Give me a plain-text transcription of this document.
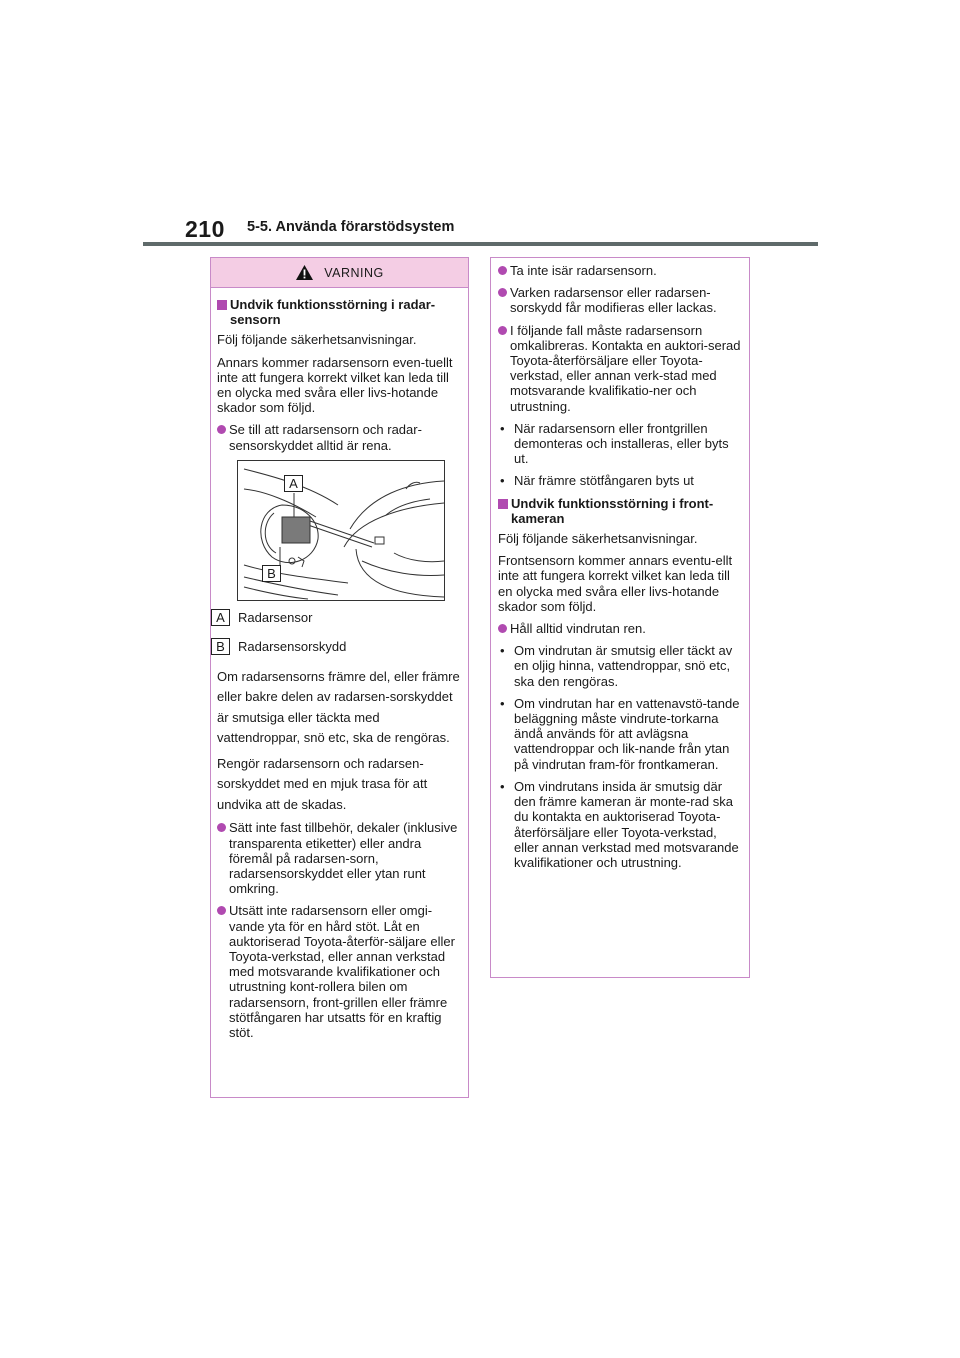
210 5-5. Använda förarstödsystem
VARNING
Undvik funktionsstörning i radar-sensorn

Följ följande säkerhetsanvisningar.

Annars kommer radarsensorn even-tuellt inte att fungera korrekt vilket kan leda till en olycka med svåra eller livs-hotande skador som följd.

Se till att radarsensorn och radar-sensorskyddet alltid är rena.
A
B
A	Radarsensor
B	Radarsensorskydd

Om radarsensorns främre del, eller främre eller bakre delen av radarsen-sorskyddet är smutsiga eller täckta med vattendroppar, snö etc, ska de rengöras.

Rengör radarsensorn och radarsen-sorskyddet med en mjuk trasa för att undvika att de skadas.

Sätt inte fast tillbehör, dekaler (inklusive transparenta etiketter) eller andra föremål på radarsen-sorn, radarsensorskyddet eller ytan runt omkring.
Utsätt inte radarsensorn eller omgi-vande yta för en hård stöt. Låt en auktoriserad Toyota-återför-säljare eller Toyota-verkstad, eller annan verkstad med motsvarande kvalifikationer och utrustning kont-rollera bilen om radarsensorn, front-grillen eller främre stötfångaren har utsatts för en kraftig stöt.
Ta inte isär radarsensorn.
Varken radarsensor eller radarsen-sorskydd får modifieras eller lackas.
I följande fall måste radarsensorn omkalibreras. Kontakta en auktori-serad Toyota-återförsäljare eller Toyota-verkstad, eller annan verk-stad med motsvarande kvalifikatio-ner och utrustning.
• När radarsensorn eller frontgrillen demonteras och installeras, eller byts ut.
• När främre stötfångaren byts ut
Undvik funktionsstörning i front-kameran

Följ följande säkerhetsanvisningar.

Frontsensorn kommer annars eventu-ellt inte att fungera korrekt vilket kan leda till en olycka med svåra eller livs-hotande skador som följd.

Håll alltid vindrutan ren.
• Om vindrutan är smutsig eller täckt av en oljig hinna, vattendroppar, snö etc, ska den rengöras.
• Om vindrutan har en vattenavstö-tande beläggning måste vindrute-torkarna ändå används för att avlägsna vattendroppar och lik-nande från ytan på vindrutan fram-för frontkameran.
• Om vindrutans insida är smutsig där den främre kameran är monte-rad ska du kontakta en auktoriserad Toyota-återförsäljare eller Toyota-verkstad, eller annan verkstad med motsvarande kvalifikationer och utrustning.
